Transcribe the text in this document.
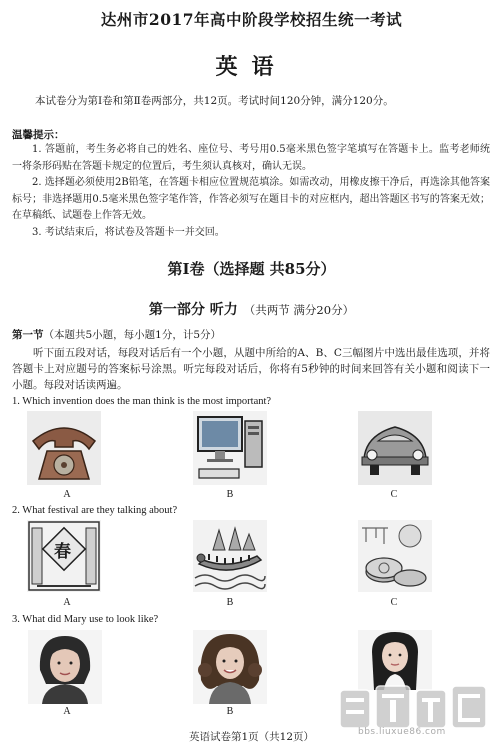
达州市2017年高中阶段学校招生统一考试
英语
本试卷分为第Ⅰ卷和第Ⅱ卷两部分，共12页。考试时间120分钟，满分120分。
温馨提示：

1. 答题前，考生务必将自己的姓名、座位号、考号用0.5毫米黑色签字笔填写在答题卡上。监考老师统一将条形码贴在答题卡规定的位置后，考生须认真核对，确认无误。

2. 选择题必须使用2B铅笔，在答题卡相应位置规范填涂。如需改动，用橡皮擦干净后，再选涂其他答案标号；非选择题用0.5毫米黑色签字笔作答，作答必须写在题目卡的对应框内，超出答题区书写的答案无效；在草稿纸、试题卷上作答无效。

3. 考试结束后，将试卷及答题卡一并交回。

第Ⅰ卷（选择题 共85分）
第一部分 听力 （共两节 满分20分）
第一节（本题共5小题，每小题1分，计5分）
听下面五段对话，每段对话后有一个小题，从题中所给的A、B、C三幅图片中选出最佳选项，并将答题卡上对应题号的答案标号涂黑。听完每段对话后，你将有5秒钟的时间来回答有关小题和阅读下一小题。每段对话读两遍。
1. Which invention does the man think is the most important?
A	B	C
2. What festival are they talking about?
春
A	B	C
3. What did Mary use to look like?
A	B
bbs.liuxue86.com
英语试卷第1页（共12页）
